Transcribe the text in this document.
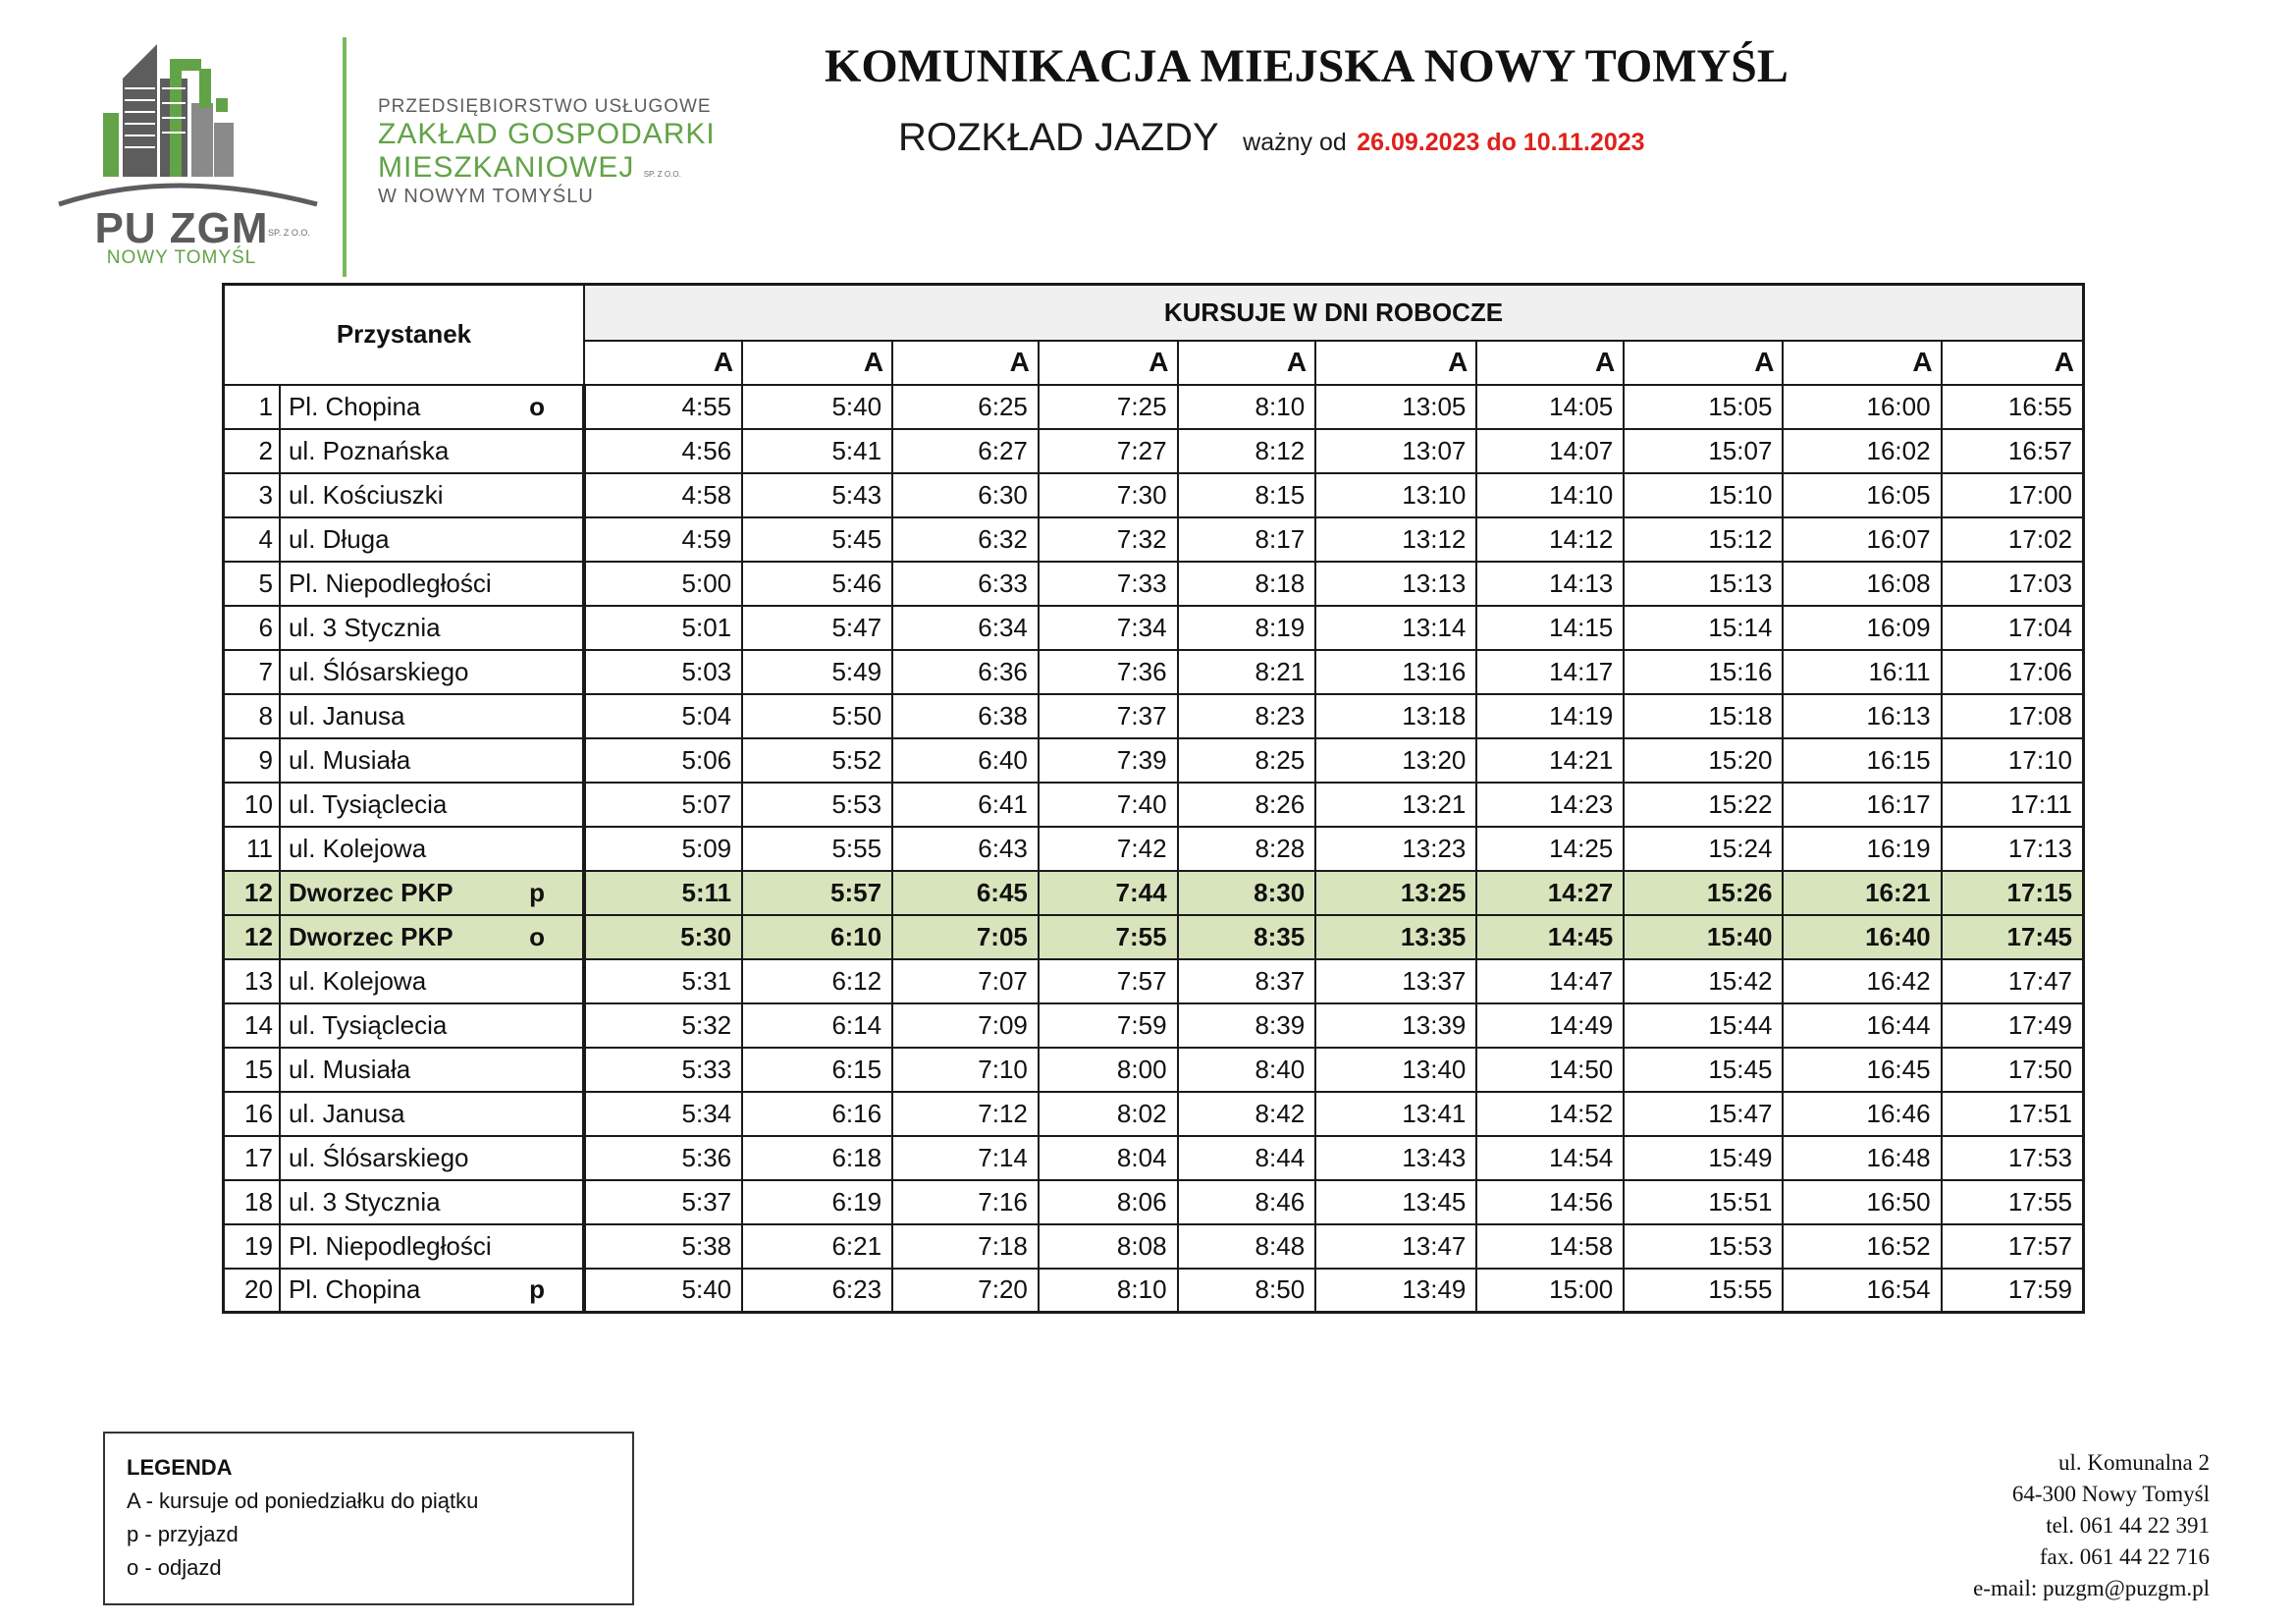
PU ZGM SP. Z O.O.
NOWY TOMYŚL
PRZEDSIĘBIORSTWO USŁUGOWE
ZAKŁAD GOSPODARKI
MIESZKANIOWEJ SP. Z O.O.
W NOWYM TOMYŚLU
KOMUNIKACJA MIEJSKA NOWY TOMYŚL
ROZKŁAD JAZDY ważny od 26.09.2023 do 10.11.2023
Przystanek		KURSUJE W DNI ROBOCZE									
		A	A	A	A	A	A	A	A	A	A
1	Pl. Chopina o	4:55	5:40	6:25	7:25	8:10	13:05	14:05	15:05	16:00	16:55
2	ul. Poznańska	4:56	5:41	6:27	7:27	8:12	13:07	14:07	15:07	16:02	16:57
3	ul. Kościuszki	4:58	5:43	6:30	7:30	8:15	13:10	14:10	15:10	16:05	17:00
4	ul. Długa	4:59	5:45	6:32	7:32	8:17	13:12	14:12	15:12	16:07	17:02
5	Pl. Niepodległości	5:00	5:46	6:33	7:33	8:18	13:13	14:13	15:13	16:08	17:03
6	ul. 3 Stycznia	5:01	5:47	6:34	7:34	8:19	13:14	14:15	15:14	16:09	17:04
7	ul. Ślósarskiego	5:03	5:49	6:36	7:36	8:21	13:16	14:17	15:16	16:11	17:06
8	ul. Janusa	5:04	5:50	6:38	7:37	8:23	13:18	14:19	15:18	16:13	17:08
9	ul. Musiała	5:06	5:52	6:40	7:39	8:25	13:20	14:21	15:20	16:15	17:10
10	ul. Tysiąclecia	5:07	5:53	6:41	7:40	8:26	13:21	14:23	15:22	16:17	17:11
11	ul. Kolejowa	5:09	5:55	6:43	7:42	8:28	13:23	14:25	15:24	16:19	17:13
12	Dworzec PKP p	5:11	5:57	6:45	7:44	8:30	13:25	14:27	15:26	16:21	17:15
12	Dworzec PKP o	5:30	6:10	7:05	7:55	8:35	13:35	14:45	15:40	16:40	17:45
13	ul. Kolejowa	5:31	6:12	7:07	7:57	8:37	13:37	14:47	15:42	16:42	17:47
14	ul. Tysiąclecia	5:32	6:14	7:09	7:59	8:39	13:39	14:49	15:44	16:44	17:49
15	ul. Musiała	5:33	6:15	7:10	8:00	8:40	13:40	14:50	15:45	16:45	17:50
16	ul. Janusa	5:34	6:16	7:12	8:02	8:42	13:41	14:52	15:47	16:46	17:51
17	ul. Ślósarskiego	5:36	6:18	7:14	8:04	8:44	13:43	14:54	15:49	16:48	17:53
18	ul. 3 Stycznia	5:37	6:19	7:16	8:06	8:46	13:45	14:56	15:51	16:50	17:55
19	Pl. Niepodległości	5:38	6:21	7:18	8:08	8:48	13:47	14:58	15:53	16:52	17:57
20	Pl. Chopina p	5:40	6:23	7:20	8:10	8:50	13:49	15:00	15:55	16:54	17:59
LEGENDA
A - kursuje od poniedziałku do piątku
p - przyjazd
o - odjazd
ul. Komunalna 2
64-300 Nowy Tomyśl
tel. 061 44 22 391
fax. 061 44 22 716
e-mail: puzgm@puzgm.pl
